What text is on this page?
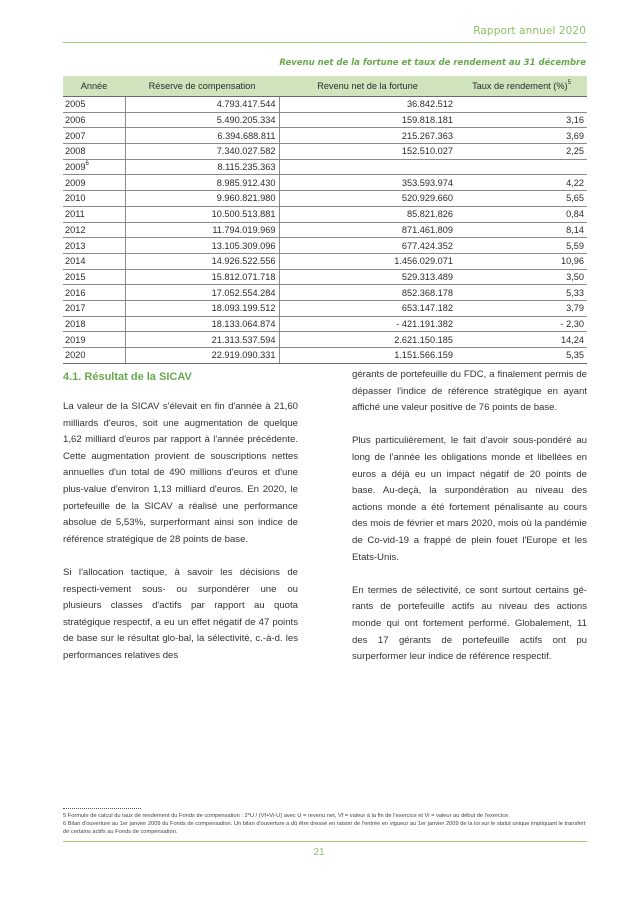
Rapport annuel 2020
Revenu net de la fortune et taux de rendement au 31 décembre
Année	Réserve de compensation	Revenu net de la fortune	Taux de rendement (%)$^5$
2005	4.793.417.544	36.842.512	
2006	5.490.205.334	159.818.181	3,16
2007	6.394.688.811	215.267.363	3,69
2008	7.340.027.582	152.510.027	2,25
2009$^6$	8.115.235.363		
2009	8.985.912.430	353.593.974	4,22
2010	9.960.821.980	520.929.660	5,65
2011	10.500.513.881	85.821.826	0,84
2012	11.794.019.969	871.461.809	8,14
2013	13.105.309.096	677.424.352	5,59
2014	14.926.522.556	1.456.029.071	10,96
2015	15.812.071.718	529.313.489	3,50
2016	17.052.554.284	852.368.178	5,33
2017	18.093.199.512	653.147.182	3,79
2018	18.133.064.874	- 421.191.382	- 2,30
2019	21.313.537.594	2.621.150.185	14,24
2020	22.919.090.331	1.151.566.159	5,35
4.1. Résultat de la SICAV

La valeur de la SICAV s'élevait en fin d'année à 21,60 milliards d'euros, soit une augmentation de quelque 1,62 milliard d'euros par rapport à l'année précédente. Cette augmentation provient de souscriptions nettes annuelles d'un total de 490 millions d'euros et d'une plus-value d'environ 1,13 milliard d'euros. En 2020, le portefeuille de la SICAV a réalisé une performance absolue de 5,53%, surperformant ainsi son indice de référence stratégique de 28 points de base.

Si l'allocation tactique, à savoir les décisions de respecti-vement sous- ou surpondérer une ou plusieurs classes d'actifs par rapport au quota stratégique respectif, a eu un effet négatif de 47 points de base sur le résultat glo-bal, la sélectivité, c.-à-d. les performances relatives des

gérants de portefeuille du FDC, a finalement permis de dépasser l'indice de référence stratégique en ayant affiché une valeur positive de 76 points de base.

Plus particulièrement, le fait d'avoir sous-pondéré au long de l'année les obligations monde et libellées en euros a déjà eu un impact négatif de 20 points de base. Au-deçà, la surpondération au niveau des actions monde a été fortement pénalisante au cours des mois de février et mars 2020, mois où la pandémie de Co-vid-19 a frappé de plein fouet l'Europe et les Etats-Unis.

En termes de sélectivité, ce sont surtout certains gé-rants de portefeuille actifs au niveau des actions monde qui ont fortement performé. Globalement, 11 des 17 gérants de portefeuille actifs ont pu surperformer leur indice de référence respectif.

5 Formule de calcul du taux de rendement du Fonds de compensation : 2*U / (Vf+Vi-U) avec U = revenu net, Vf = valeur à la fin de l'exercice et Vi = valeur au début de l'exercice.
6 Bilan d'ouverture au 1er janvier 2009 du Fonds de compensation. Un bilan d'ouverture a dû être dressé en raison de l'entrée en vigueur au 1er janvier 2009 de la loi sur le statut unique impliquant le transfert de certains actifs au Fonds de compensation.
21
